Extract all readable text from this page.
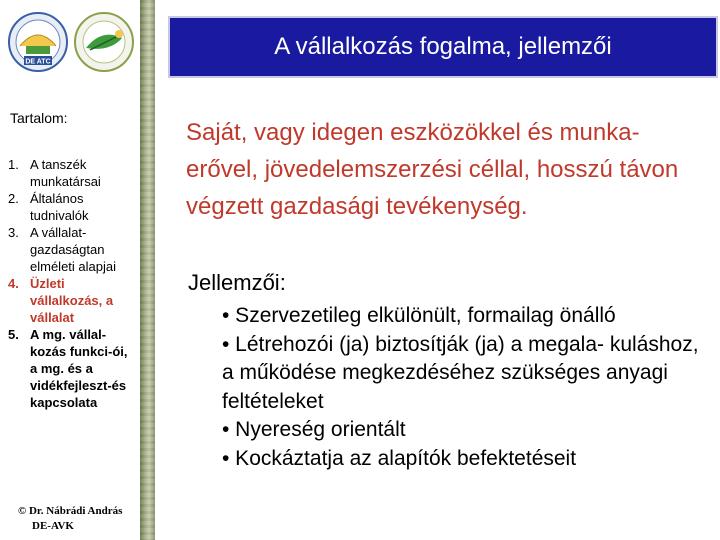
DE ATC

Tartalom:

1. A tanszék munkatársai
2. Általános tudnivalók
3. A vállalat-gazdaságtan elméleti alapjai
4. Üzleti vállalkozás, a vállalat
5. A mg. vállal-kozás funkci-ói, a mg. és a vidékfejleszt-és kapcsolata
© Dr. Nábrádi András
DE-AVK
A vállalkozás fogalma, jellemzői

Saját, vagy idegen eszközökkel és munka-erővel, jövedelemszerzési céllal, hosszú távon végzett gazdasági tevékenység.

Jellemzői:

• Szervezetileg elkülönült, formailag önálló
• Létrehozói (ja) biztosítják (ja) a megala- kuláshoz, a működése megkezdéséhez szükséges anyagi feltételeket
• Nyereség orientált
• Kockáztatja az alapítók befektetéseit
